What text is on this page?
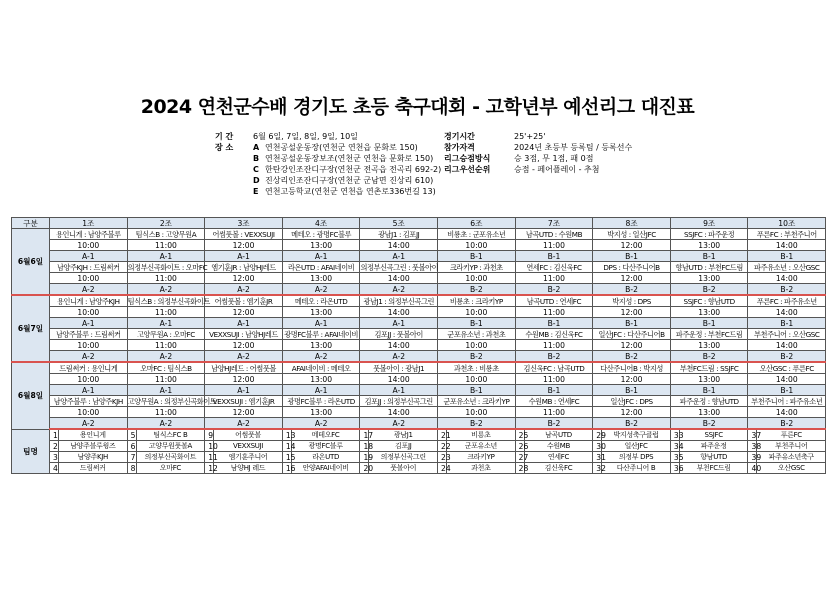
2024 연천군수배 경기도 초등 축구대회 - 고학년부 예선리그 대진표
기 간 6월 6일, 7일, 8일, 9일, 10일
장 소 A 연천공설운동장(연천군 연천읍 문화로 150)
B 연천공설운동장보조(연천군 연천읍 문화로 150)
C 한탄강인조잔디구장(연천군 전곡읍 전곡리 692-2)
D 진상리인조잔디구장(연천군 군남면 진상리 610)
E 연천고등학교(연천군 연천읍 연촌로336번길 13)
경기시간	25'+25'
참가자격	2024년 초등부 등록팀 / 등록선수
리그승점방식	승 3점, 무 1점, 패 0점
리그우선순위	승점 - 페어플레이 - 추첨
구분	1조		2조		3조		4조		5조		6조		7조		8조		9조		10조	
6월6일	용인니게 : 남양주블루		팀식스B : 고양무원A		어썸풋볼 : VEXXSUJI		메테오 : 광명FC블루		광남J1 : 김포JJ		비룡초 : 군포유소년		남곡UTD : 수원MB		박지성 : 일산JFC		SSJFC : 파주운정		푸른FC : 부천주니어	
	10:00		11:00		12:00		13:00		14:00		10:00		11:00		12:00		13:00		14:00	
	A-1		A-1		A-1		A-1		A-1		B-1		B-1		B-1		B-1		B-1	
	남양주KJH : 드림써커		의정부신곡화이트 : 오마FC		엠기훈JR : 남양HJ레드		라온UTD : AFAI네이비		의정부신곡그린 : 풋볼아이		크라키YP : 과천초		연세FC : 김신욱FC		DPS : 다산주니어B		향남UTD : 부천FC드림		파주유소년 : 오산GSC	
	10:00		11:00		12:00		13:00		14:00		10:00		11:00		12:00		13:00		14:00	
	A-2		A-2		A-2		A-2		A-2		B-2		B-2		B-2		B-2		B-2	
6월7일	용인니게 : 남양주KJH		팀식스B : 의정부신곡화이트		어썸풋볼 : 엠기훈JR		메테오 : 라온UTD		광남J1 : 의정부신곡그린		비룡초 : 크라키YP		남곡UTD : 연세FC		박지성 : DPS		SSJFC : 향남UTD		푸른FC : 파주유소년	
	10:00		11:00		12:00		13:00		14:00		10:00		11:00		12:00		13:00		14:00	
	A-1		A-1		A-1		A-1		A-1		B-1		B-1		B-1		B-1		B-1	
	남양주블루 : 드림써커		고양무원A : 오마FC		VEXXSUJI : 남양HJ레드		광명FC블루 : AFAI네이비		김포JJ : 풋볼아이		군포유소년 : 과천초		수원MB : 김신욱FC		일산JFC : 다산주니어B		파주운정 : 부천FC드림		부천주니어 : 오산GSC	
	10:00		11:00		12:00		13:00		14:00		10:00		11:00		12:00		13:00		14:00	
	A-2		A-2		A-2		A-2		A-2		B-2		B-2		B-2		B-2		B-2	
6월8일	드림써커 : 용인니게		오마FC : 팀식스B		남양HJ레드 : 어썸풋볼		AFAI네이비 : 메테오		풋볼아이 : 광남J1		과천초 : 비룡초		김신욱FC : 남곡UTD		다산주니어B : 박지성		부천FC드림 : SSJFC		오산GSC : 푸른FC	
	10:00		11:00		12:00		13:00		14:00		10:00		11:00		12:00		13:00		14:00	
	A-1		A-1		A-1		A-1		A-1		B-1		B-1		B-1		B-1		B-1	
	남양주블루 : 남양주KJH		고양무원A : 의정부신곡화이트		VEXXSUJI : 엠기훈JR		광명FC블루 : 라온UTD		김포JJ : 의정부신곡그린		군포유소년 : 크라키YP		수원MB : 연세FC		일산JFC : DPS		파주운정 : 향남UTD		부천주니어 : 파주유소년	
	10:00		11:00		12:00		13:00		14:00		10:00		11:00		12:00		13:00		14:00	
	A-2		A-2		A-2		A-2		A-2		B-2		B-2		B-2		B-2		B-2	
팀명	1	용인니게	5	팀식스FC B	9	어썸풋볼	13	메테오FC	17	광남J1	21	비룡초	25	남곡UTD	29	박지성축구클럽	33	SSJFC	37	푸른FC
	2	남양주블루윙즈	6	고양무원풋볼A	10	VEXXSUJI	14	광명FC블루	18	김포JJ	22	군포유소년	26	수원MB	30	일산JFC	34	파주운정	38	부천주니어
	3	남양주KJH	7	의정부신곡화이트	11	엠기훈주니어	15	라온UTD	19	의정부신곡그린	23	크라키YP	27	연세FC	31	의정부 DPS	35	향남UTD	39	파주유소년축구
	4	드림써커	8	오마FC	12	남양HJ 레드	16	안양AFAI네이비	20	풋볼아이	24	과천초	28	김신욱FC	32	다산주니어 B	36	부천FC드림	40	오산GSC
